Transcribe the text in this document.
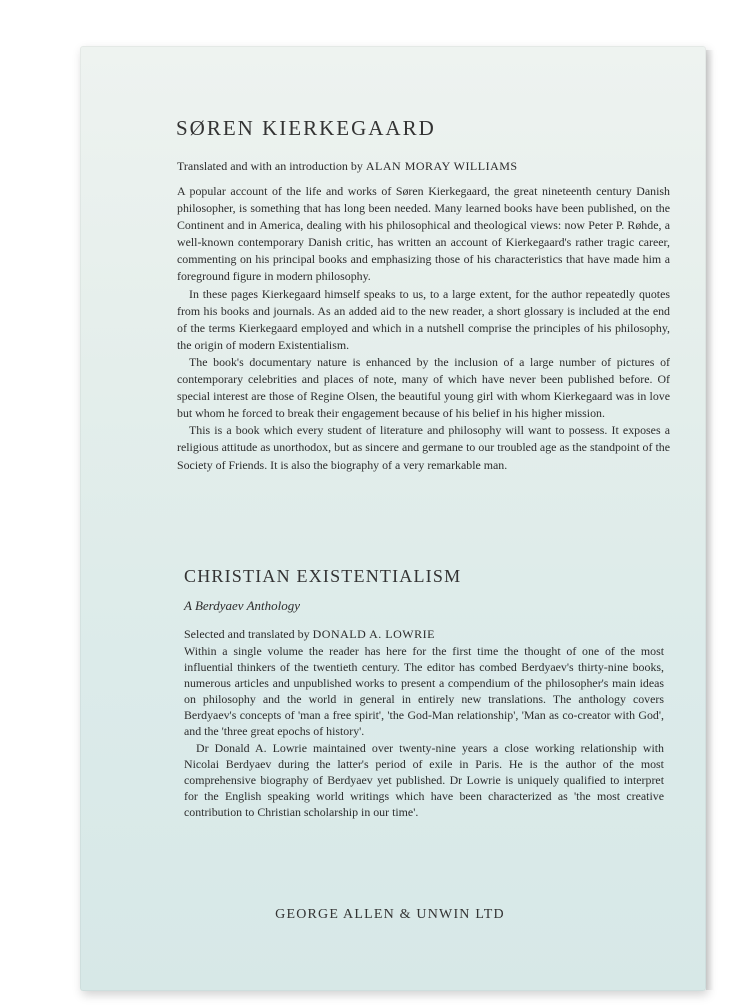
SØREN KIERKEGAARD
Translated and with an introduction by ALAN MORAY WILLIAMS

A popular account of the life and works of Søren Kierkegaard, the great nineteenth century Danish philosopher, is something that has long been needed. Many learned books have been published, on the Continent and in America, dealing with his philosophical and theological views: now Peter P. Røhde, a well-known contemporary Danish critic, has written an account of Kierkegaard's rather tragic career, commenting on his principal books and emphasizing those of his characteristics that have made him a foreground figure in modern philosophy.

In these pages Kierkegaard himself speaks to us, to a large extent, for the author repeatedly quotes from his books and journals. As an added aid to the new reader, a short glossary is included at the end of the terms Kierkegaard employed and which in a nutshell comprise the principles of his philosophy, the origin of modern Existentialism.

The book's documentary nature is enhanced by the inclusion of a large number of pictures of contemporary celebrities and places of note, many of which have never been published before. Of special interest are those of Regine Olsen, the beautiful young girl with whom Kierkegaard was in love but whom he forced to break their engagement because of his belief in his higher mission.

This is a book which every student of literature and philosophy will want to possess. It exposes a religious attitude as unorthodox, but as sincere and germane to our troubled age as the standpoint of the Society of Friends. It is also the biography of a very remarkable man.

CHRISTIAN EXISTENTIALISM
A Berdyaev Anthology
Selected and translated by DONALD A. LOWRIE

Within a single volume the reader has here for the first time the thought of one of the most influential thinkers of the twentieth century. The editor has combed Berdyaev's thirty-nine books, numerous articles and unpublished works to present a compendium of the philosopher's main ideas on philosophy and the world in general in entirely new translations. The anthology covers Berdyaev's concepts of 'man a free spirit', 'the God-Man relationship', 'Man as co-creator with God', and the 'three great epochs of history'.

Dr Donald A. Lowrie maintained over twenty-nine years a close working relationship with Nicolai Berdyaev during the latter's period of exile in Paris. He is the author of the most comprehensive biography of Berdyaev yet published. Dr Lowrie is uniquely qualified to interpret for the English speaking world writings which have been characterized as 'the most creative contribution to Christian scholarship in our time'.

GEORGE ALLEN & UNWIN LTD
